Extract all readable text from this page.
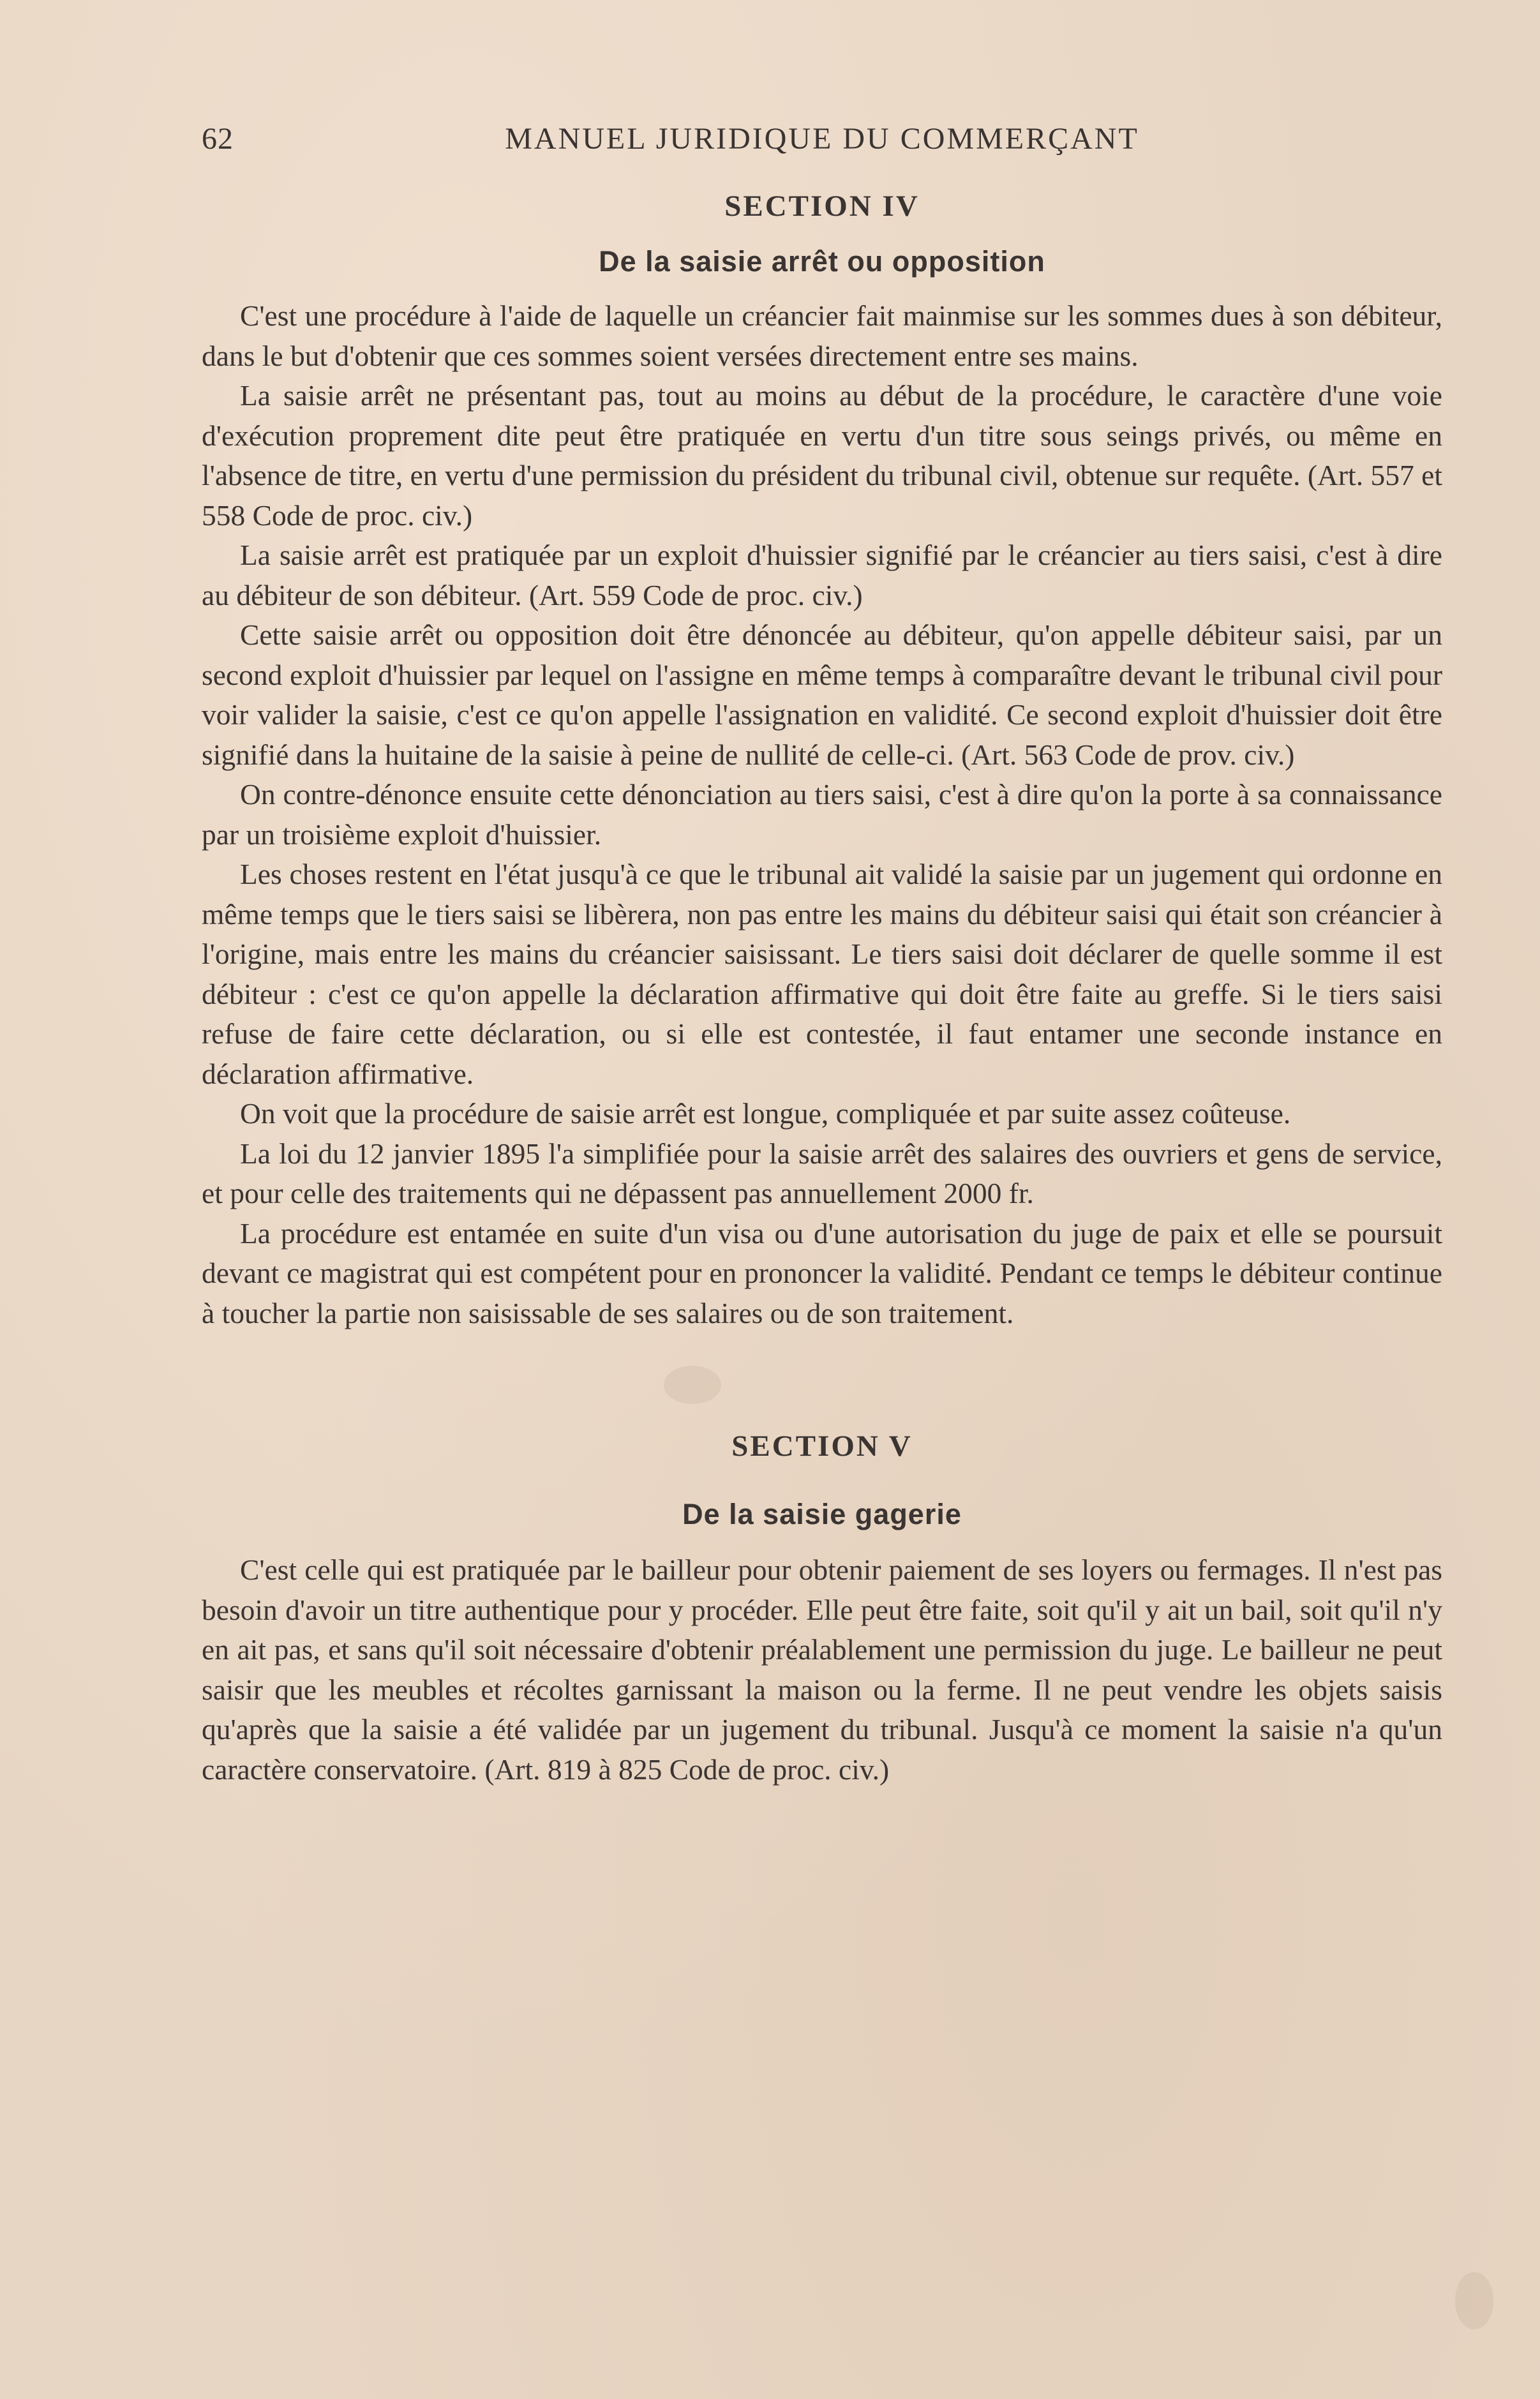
62	MANUEL JURIDIQUE DU COMMERÇANT
SECTION IV
De la saisie arrêt ou opposition

C'est une procédure à l'aide de laquelle un créancier fait mainmise sur les sommes dues à son débiteur, dans le but d'obtenir que ces sommes soient versées directement entre ses mains.

La saisie arrêt ne présentant pas, tout au moins au début de la procédure, le caractère d'une voie d'exécution proprement dite peut être pratiquée en vertu d'un titre sous seings privés, ou même en l'absence de titre, en vertu d'une permission du président du tribunal civil, obtenue sur requête. (Art. 557 et 558 Code de proc. civ.)

La saisie arrêt est pratiquée par un exploit d'huissier signifié par le créancier au tiers saisi, c'est à dire au débiteur de son débiteur. (Art. 559 Code de proc. civ.)

Cette saisie arrêt ou opposition doit être dénoncée au débiteur, qu'on appelle débiteur saisi, par un second exploit d'huissier par lequel on l'assigne en même temps à comparaître devant le tribunal civil pour voir valider la saisie, c'est ce qu'on appelle l'assignation en validité. Ce second exploit d'huissier doit être signifié dans la huitaine de la saisie à peine de nullité de celle-ci. (Art. 563 Code de prov. civ.)

On contre-dénonce ensuite cette dénonciation au tiers saisi, c'est à dire qu'on la porte à sa connaissance par un troisième exploit d'huissier.

Les choses restent en l'état jusqu'à ce que le tribunal ait validé la saisie par un jugement qui ordonne en même temps que le tiers saisi se libèrera, non pas entre les mains du débiteur saisi qui était son créancier à l'origine, mais entre les mains du créancier saisissant. Le tiers saisi doit déclarer de quelle somme il est débiteur : c'est ce qu'on appelle la déclaration affirmative qui doit être faite au greffe. Si le tiers saisi refuse de faire cette déclaration, ou si elle est contestée, il faut entamer une seconde instance en déclaration affirmative.

On voit que la procédure de saisie arrêt est longue, compliquée et par suite assez coûteuse.

La loi du 12 janvier 1895 l'a simplifiée pour la saisie arrêt des salaires des ouvriers et gens de service, et pour celle des traitements qui ne dépassent pas annuellement 2000 fr.

La procédure est entamée en suite d'un visa ou d'une autorisation du juge de paix et elle se poursuit devant ce magistrat qui est compétent pour en prononcer la validité. Pendant ce temps le débiteur continue à toucher la partie non saisissable de ses salaires ou de son traitement.

SECTION V
De la saisie gagerie

C'est celle qui est pratiquée par le bailleur pour obtenir paiement de ses loyers ou fermages. Il n'est pas besoin d'avoir un titre authentique pour y procéder. Elle peut être faite, soit qu'il y ait un bail, soit qu'il n'y en ait pas, et sans qu'il soit nécessaire d'obtenir préalablement une permission du juge. Le bailleur ne peut saisir que les meubles et récoltes garnissant la maison ou la ferme. Il ne peut vendre les objets saisis qu'après que la saisie a été validée par un jugement du tribunal. Jusqu'à ce moment la saisie n'a qu'un caractère conservatoire. (Art. 819 à 825 Code de proc. civ.)
